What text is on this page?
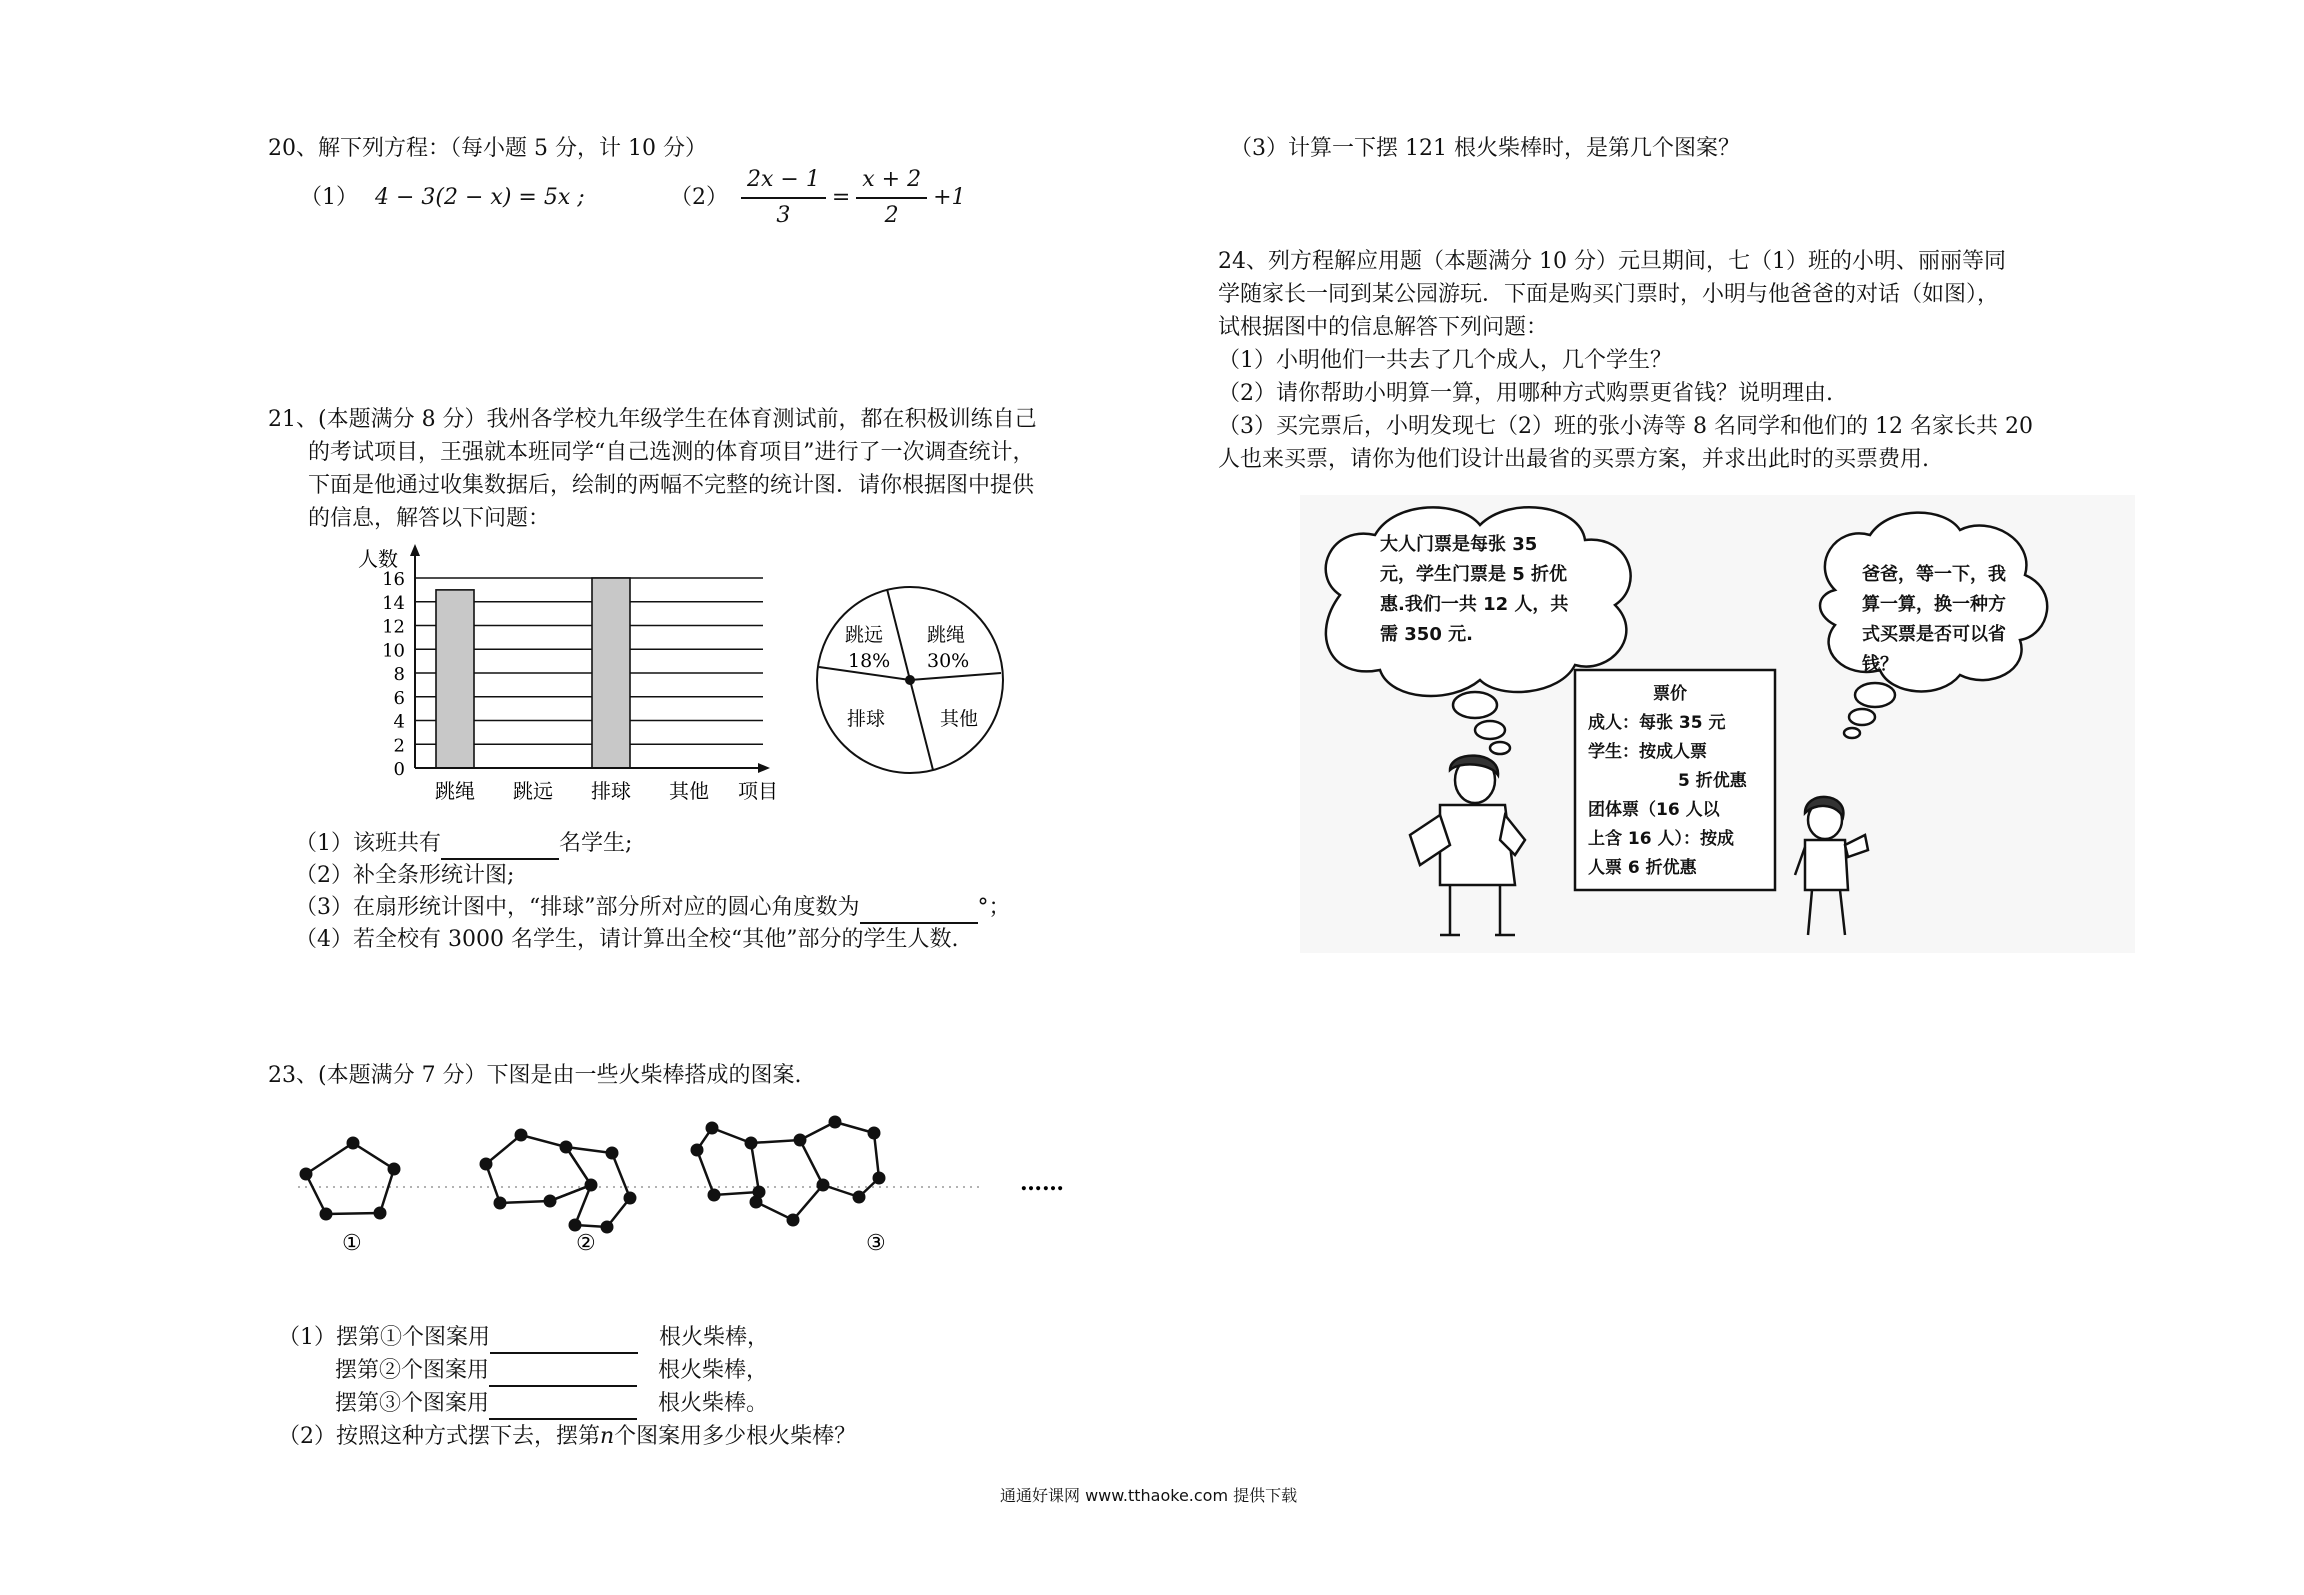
20、解下列方程：（每小题 5 分，计 10 分）
（1） 4 − 3(2 − x) = 5x ;	$(2) \frac{2x - 1}{3} = \frac{x + 2}{2} +1$
21、(本题满分 8 分）我州各学校九年级学生在体育测试前，都在积极训练自己
的考试项目，王强就本班同学“自己选测的体育项目”进行了一次调查统计，
下面是他通过收集数据后，绘制的两幅不完整的统计图．请你根据图中提供
的信息，解答以下问题：
0
2
4
6
8
10
12
14
16
跳绳 跳远 排球 其他
人数
项目
跳远
18%
跳绳
30%
其他
排球
（1）该班共有	名学生;
（2）补全条形统计图;
（3）在扇形统计图中，“排球”部分所对应的圆心角度数为	°；
（4）若全校有 3000 名学生，请计算出全校“其他”部分的学生人数.
23、(本题满分 7 分）下图是由一些火柴棒搭成的图案.
……
①	②	③
（1）摆第①个图案用	根火柴棒，
摆第②个图案用	根火柴棒，
摆第③个图案用	根火柴棒。
（2）按照这种方式摆下去，摆第n个图案用多少根火柴棒？
（3）计算一下摆 121 根火柴棒时，是第几个图案？
24、列方程解应用题（本题满分 10 分）元旦期间，七（1）班的小明、丽丽等同
学随家长一同到某公园游玩．下面是购买门票时，小明与他爸爸的对话（如图），
试根据图中的信息解答下列问题：
（1）小明他们一共去了几个成人，几个学生？
（2）请你帮助小明算一算，用哪种方式购票更省钱？说明理由.
（3）买完票后，小明发现七（2）班的张小涛等 8 名同学和他们的 12 名家长共 20
人也来买票，请你为他们设计出最省的买票方案，并求出此时的买票费用.
大人门票是每张 35
元，学生门票是 5 折优
惠.我们一共 12 人，共
需 350 元.
爸爸，等一下，我
算一算，换一种方
式买票是否可以省
钱？
票价
成人：每张 35 元
学生：按成人票
5 折优惠
团体票（16 人以
上含 16 人）：按成
人票 6 折优惠
通通好课网 www.tthaoke.com 提供下载
